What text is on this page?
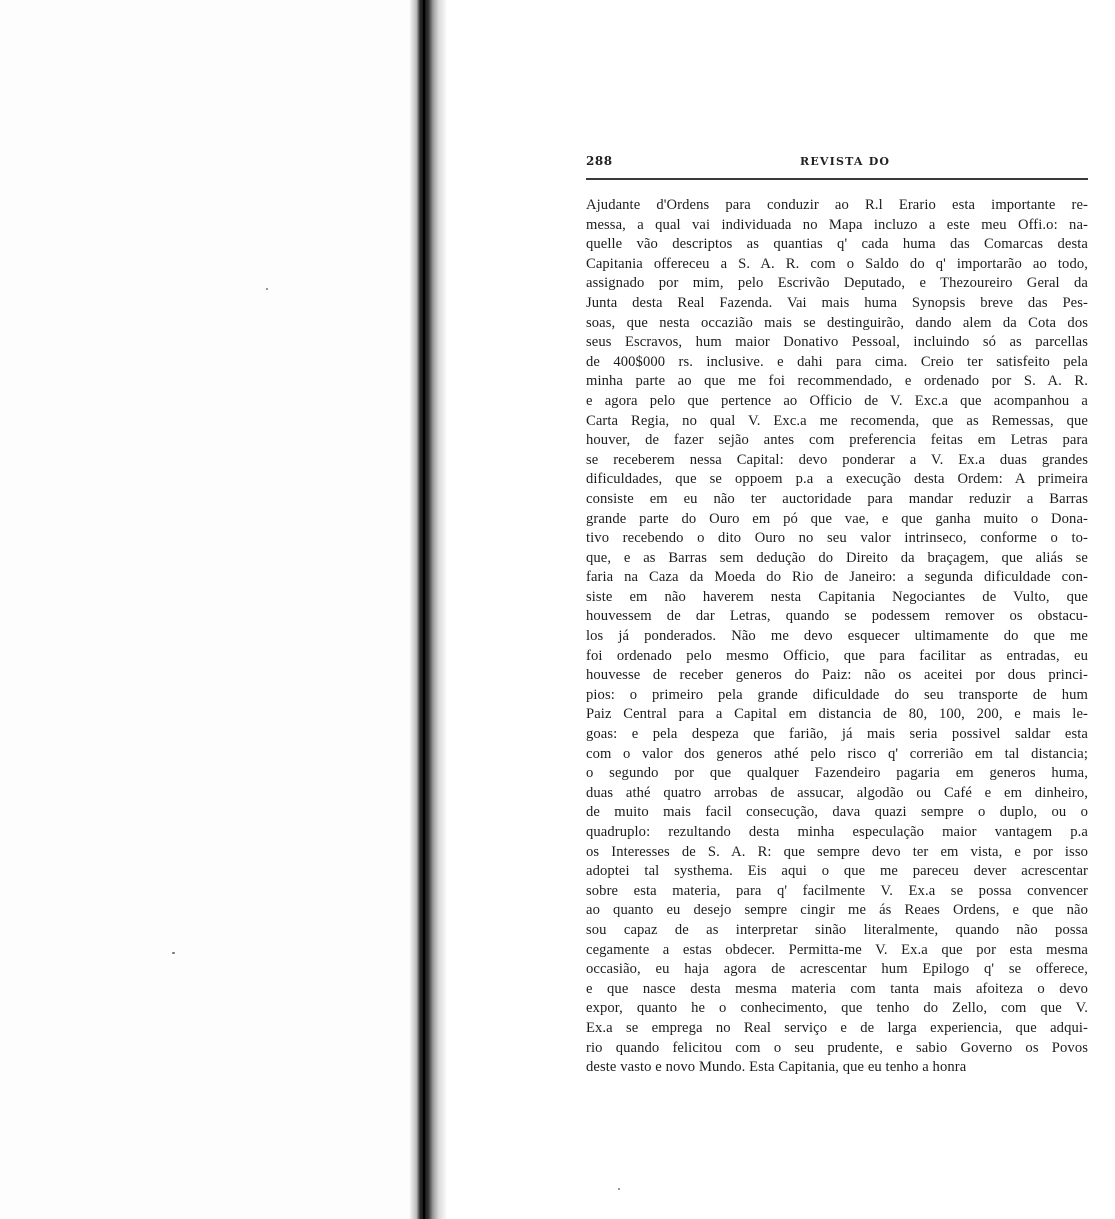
288	REVISTA DO
Ajudante d'Ordens para conduzir ao R.l Erario esta importante re-
messa, a qual vai individuada no Mapa incluzo a este meu Offi.o: na-
quelle vão descriptos as quantias q' cada huma das Comarcas desta
Capitania offereceu a S. A. R. com o Saldo do q' importarão ao todo,
assignado por mim, pelo Escrivão Deputado, e Thezoureiro Geral da
Junta desta Real Fazenda. Vai mais huma Synopsis breve das Pes-
soas, que nesta occazião mais se destinguirão, dando alem da Cota dos
seus Escravos, hum maior Donativo Pessoal, incluindo só as parcellas
de 400$000 rs. inclusive. e dahi para cima. Creio ter satisfeito pela
minha parte ao que me foi recommendado, e ordenado por S. A. R.
e agora pelo que pertence ao Officio de V. Exc.a que acompanhou a
Carta Regia, no qual V. Exc.a me recomenda, que as Remessas, que
houver, de fazer sejão antes com preferencia feitas em Letras para
se receberem nessa Capital: devo ponderar a V. Ex.a duas grandes
dificuldades, que se oppoem p.a a execução desta Ordem: A primeira
consiste em eu não ter auctoridade para mandar reduzir a Barras
grande parte do Ouro em pó que vae, e que ganha muito o Dona-
tivo recebendo o dito Ouro no seu valor intrinseco, conforme o to-
que, e as Barras sem dedução do Direito da braçagem, que aliás se
faria na Caza da Moeda do Rio de Janeiro: a segunda dificuldade con-
siste em não haverem nesta Capitania Negociantes de Vulto, que
houvessem de dar Letras, quando se podessem remover os obstacu-
los já ponderados. Não me devo esquecer ultimamente do que me
foi ordenado pelo mesmo Officio, que para facilitar as entradas, eu
houvesse de receber generos do Paiz: não os aceitei por dous princi-
pios: o primeiro pela grande dificuldade do seu transporte de hum
Paiz Central para a Capital em distancia de 80, 100, 200, e mais le-
goas: e pela despeza que farião, já mais seria possivel saldar esta
com o valor dos generos athé pelo risco q' correrião em tal distancia;
o segundo por que qualquer Fazendeiro pagaria em generos huma,
duas athé quatro arrobas de assucar, algodão ou Café e em dinheiro,
de muito mais facil consecução, dava quazi sempre o duplo, ou o
quadruplo: rezultando desta minha especulação maior vantagem p.a
os Interesses de S. A. R: que sempre devo ter em vista, e por isso
adoptei tal systhema. Eis aqui o que me pareceu dever acrescentar
sobre esta materia, para q' facilmente V. Ex.a se possa convencer
ao quanto eu desejo sempre cingir me ás Reaes Ordens, e que não
sou capaz de as interpretar sinão literalmente, quando não possa
cegamente a estas obdecer. Permitta-me V. Ex.a que por esta mesma
occasião, eu haja agora de acrescentar hum Epilogo q' se offerece,
e que nasce desta mesma materia com tanta mais afoiteza o devo
expor, quanto he o conhecimento, que tenho do Zello, com que V.
Ex.a se emprega no Real serviço e de larga experiencia, que adqui-
rio quando felicitou com o seu prudente, e sabio Governo os Povos
deste vasto e novo Mundo. Esta Capitania, que eu tenho a honra
